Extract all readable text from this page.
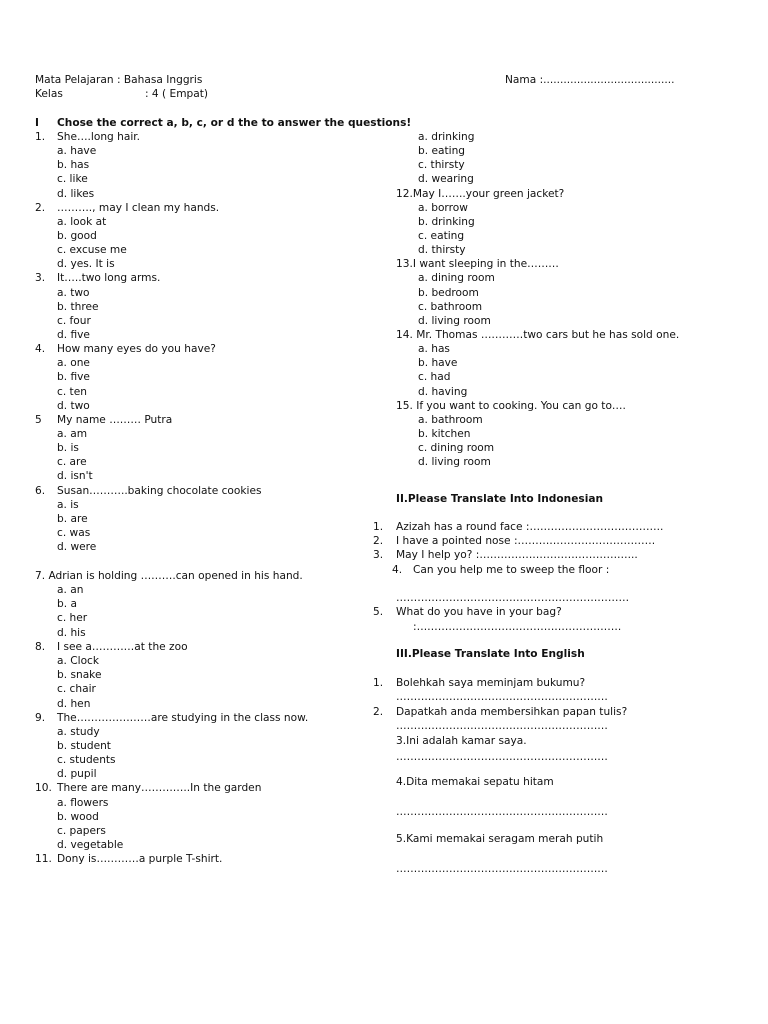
Mata Pelajaran : Bahasa Inggris	Nama :.......................................
Kelas	: 4 ( Empat)
I Chose the correct a, b, c, or d the to answer the questions!
1. She….long hair.
a. have
b. has
c. like
d. likes
2. ………., may I clean my hands.
a. look at
b. good
c. excuse me
d. yes. It is
3. It…..two long arms.
a. two
b. three
c. four
d. five
4. How many eyes do you have?
a. one
b. five
c. ten
d. two
5 My name ……… Putra
a. am
b. is
c. are
d. isn't
6. Susan………..baking chocolate cookies
a. is
b. are
c. was
d. were
7. Adrian is holding ……….can opened in his hand.
a. an
b. a
c. her
d. his
8. I see a…………at the zoo
a. Clock
b. snake
c. chair
d. hen
9. The…………………are studying in the class now.
a. study
b. student
c. students
d. pupil
10. There are many…………..In the garden
a. flowers
b. wood
c. papers
d. vegetable
11. Dony is…………a purple T-shirt.
a. drinking
b. eating
c. thirsty
d. wearing
12.May I…….your green jacket?
a. borrow
b. drinking
c. eating
d. thirsty
13.I want sleeping in the………
a. dining room
b. bedroom
c. bathroom
d. living room
14. Mr. Thomas …………two cars but he has sold one.
a. has
b. have
c. had
d. having
15. If you want to cooking. You can go to….
a. bathroom
b. kitchen
c. dining room
d. living room
II.Please Translate Into Indonesian
1. Azizah has a round face :………………………………..
2. I have a pointed nose :…………………………………
3. May I help yo? :……………………………………...
4. Can you help me to sweep the floor :
…………………………………………………………
5. What do you have in your bag?
:………………………………………………….
III.Please Translate Into English
1. Bolehkah saya meminjam bukumu?
……………………………………………………
2. Dapatkah anda membersihkan papan tulis?
……………………………………………………
3.Ini adalah kamar saya.
……………………………………………………
4.Dita memakai sepatu hitam
……………………………………………………
5.Kami memakai seragam merah putih
……………………………………………………
